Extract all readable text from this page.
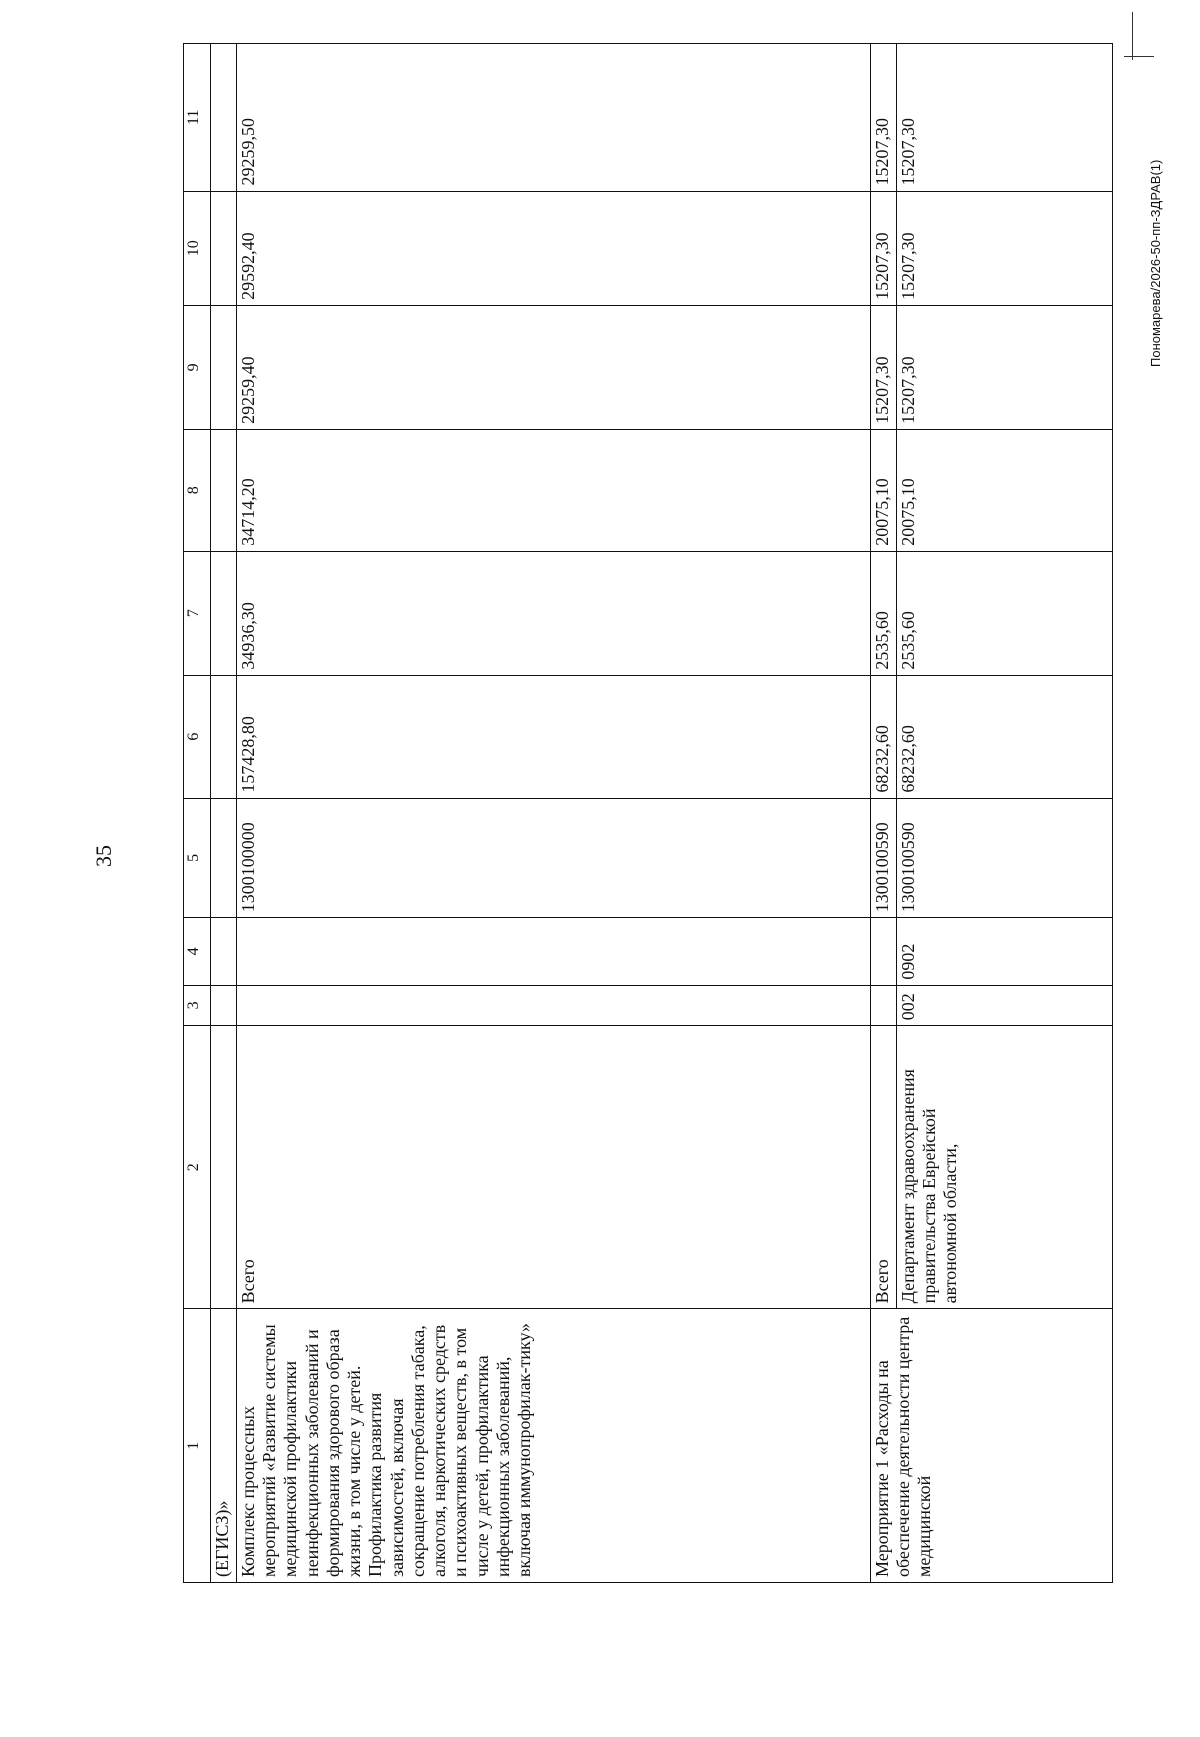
35
Пономарева/2026-50-пп-ЗДРАВ(1)
1	2	3	4	5	6	7	8	9	10	11
(ЕГИСЗ)»										
Комплекс процессных мероприятий «Развитие системы медицинской профилактики неинфекционных заболеваний и формирования здорового образа жизни, в том числе у детей. Профилактика развития зависимостей, включая сокращение потребления табака, алкоголя, наркотических средств и психоактивных веществ, в том числе у детей, профилактика инфекционных заболеваний, включая иммунопрофилак-тику»	Всего			1300100000	157428,80	34936,30	34714,20	29259,40	29592,40	29259,50
Мероприятие 1 «Расходы на обеспечение деятельности центра медицинской	Всего			1300100590	68232,60	2535,60	20075,10	15207,30	15207,30	15207,30
	Департамент здравоохранения правительства Еврейской автономной области,	002	0902	1300100590	68232,60	2535,60	20075,10	15207,30	15207,30	15207,30
